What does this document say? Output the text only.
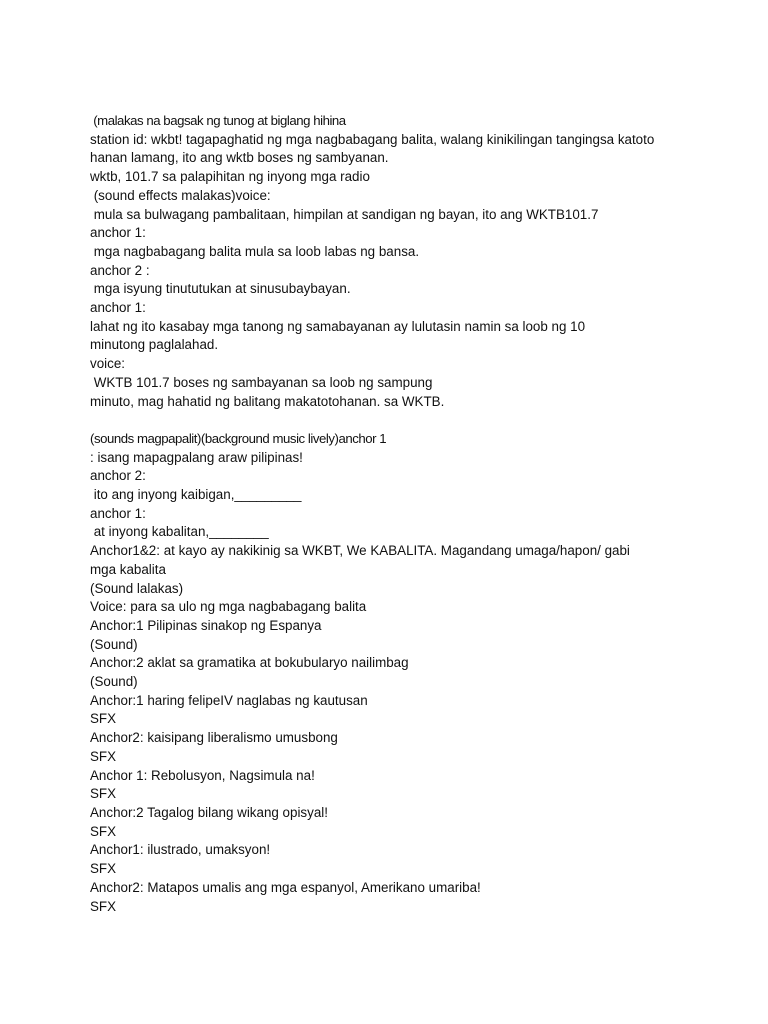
(malakas na bagsak ng tunog at biglang hihina
station id: wkbt! tagapaghatid ng mga nagbabagang balita, walang kinikilingan tangingsa katoto
hanan lamang, ito ang wktb boses ng sambyanan.
wktb, 101.7 sa palapihitan ng inyong mga radio
(sound effects malakas)voice:
mula sa bulwagang pambalitaan, himpilan at sandigan ng bayan, ito ang WKTB101.7
anchor 1:
mga nagbabagang balita mula sa loob labas ng bansa.
anchor 2 :
mga isyung tinututukan at sinusubaybayan.
anchor 1:
lahat ng ito kasabay mga tanong ng samabayanan ay lulutasin namin sa loob ng 10
minutong paglalahad.
voice:
WKTB 101.7 boses ng sambayanan sa loob ng sampung
minuto, mag hahatid ng balitang makatotohanan. sa WKTB.
(sounds magpapalit)(background music lively)anchor 1
: isang mapagpalang araw pilipinas!
anchor 2:
ito ang inyong kaibigan,_________
anchor 1:
at inyong kabalitan,________
Anchor1&2: at kayo ay nakikinig sa WKBT, We KABALITA. Magandang umaga/hapon/ gabi
mga kabalita
(Sound lalakas)
Voice: para sa ulo ng mga nagbabagang balita
Anchor:1 Pilipinas sinakop ng Espanya
(Sound)
Anchor:2 aklat sa gramatika at bokubularyo nailimbag
(Sound)
Anchor:1 haring felipeIV naglabas ng kautusan
SFX
Anchor2: kaisipang liberalismo umusbong
SFX
Anchor 1: Rebolusyon, Nagsimula na!
SFX
Anchor:2 Tagalog bilang wikang opisyal!
SFX
Anchor1: ilustrado, umaksyon!
SFX
Anchor2: Matapos umalis ang mga espanyol, Amerikano umariba!
SFX
